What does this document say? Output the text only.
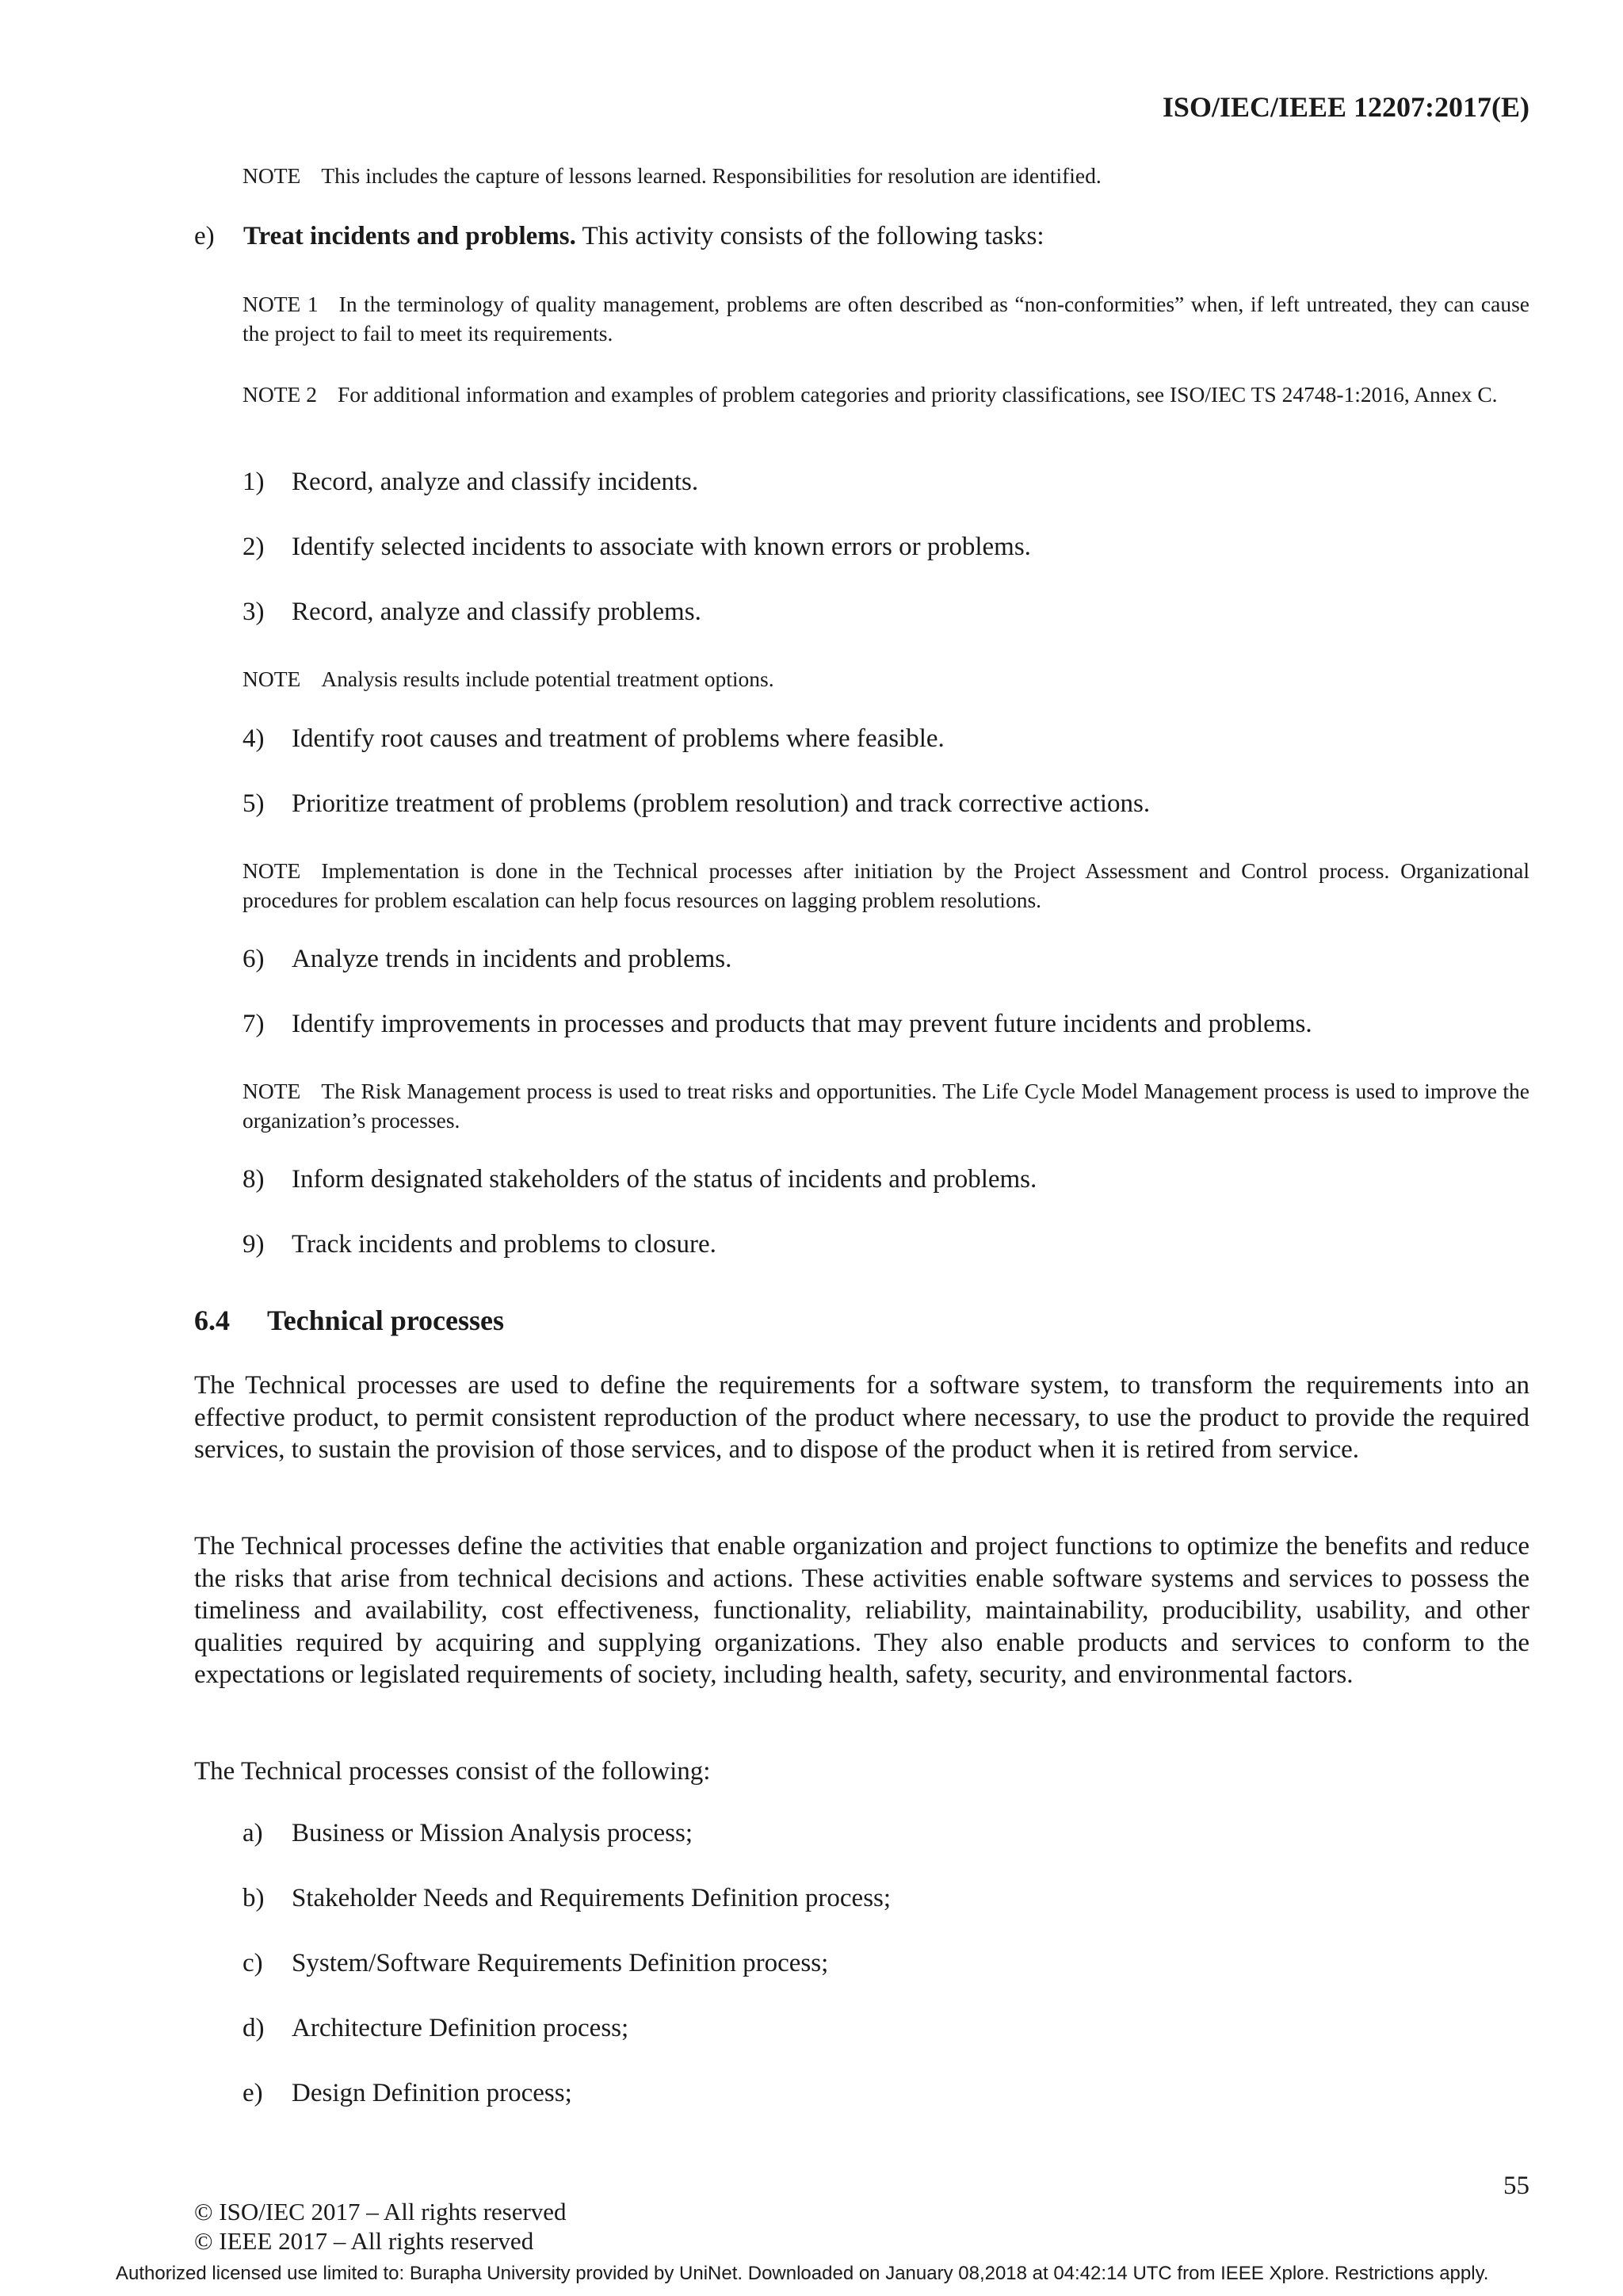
ISO/IEC/IEEE 12207:2017(E)
NOTE This includes the capture of lessons learned. Responsibilities for resolution are identified.
e) Treat incidents and problems. This activity consists of the following tasks:
NOTE 1 In the terminology of quality management, problems are often described as “non-conformities” when, if left untreated, they can cause the project to fail to meet its requirements.
NOTE 2 For additional information and examples of problem categories and priority classifications, see ISO/IEC TS 24748-1:2016, Annex C.
1) Record, analyze and classify incidents.
2) Identify selected incidents to associate with known errors or problems.
3) Record, analyze and classify problems.
NOTE Analysis results include potential treatment options.
4) Identify root causes and treatment of problems where feasible.
5) Prioritize treatment of problems (problem resolution) and track corrective actions.
NOTE Implementation is done in the Technical processes after initiation by the Project Assessment and Control process. Organizational procedures for problem escalation can help focus resources on lagging problem resolutions.
6) Analyze trends in incidents and problems.
7) Identify improvements in processes and products that may prevent future incidents and problems.
NOTE The Risk Management process is used to treat risks and opportunities. The Life Cycle Model Management process is used to improve the organization’s processes.
8) Inform designated stakeholders of the status of incidents and problems.
9) Track incidents and problems to closure.
6.4 Technical processes
The Technical processes are used to define the requirements for a software system, to transform the requirements into an effective product, to permit consistent reproduction of the product where necessary, to use the product to provide the required services, to sustain the provision of those services, and to dispose of the product when it is retired from service.
The Technical processes define the activities that enable organization and project functions to optimize the benefits and reduce the risks that arise from technical decisions and actions. These activities enable software systems and services to possess the timeliness and availability, cost effectiveness, functionality, reliability, maintainability, producibility, usability, and other qualities required by acquiring and supplying organizations. They also enable products and services to conform to the expectations or legislated requirements of society, including health, safety, security, and environmental factors.
The Technical processes consist of the following:
a) Business or Mission Analysis process;
b) Stakeholder Needs and Requirements Definition process;
c) System/Software Requirements Definition process;
d) Architecture Definition process;
e) Design Definition process;
55
© ISO/IEC 2017 – All rights reserved
© IEEE 2017 – All rights reserved
Authorized licensed use limited to: Burapha University provided by UniNet. Downloaded on January 08,2018 at 04:42:14 UTC from IEEE Xplore. Restrictions apply.
